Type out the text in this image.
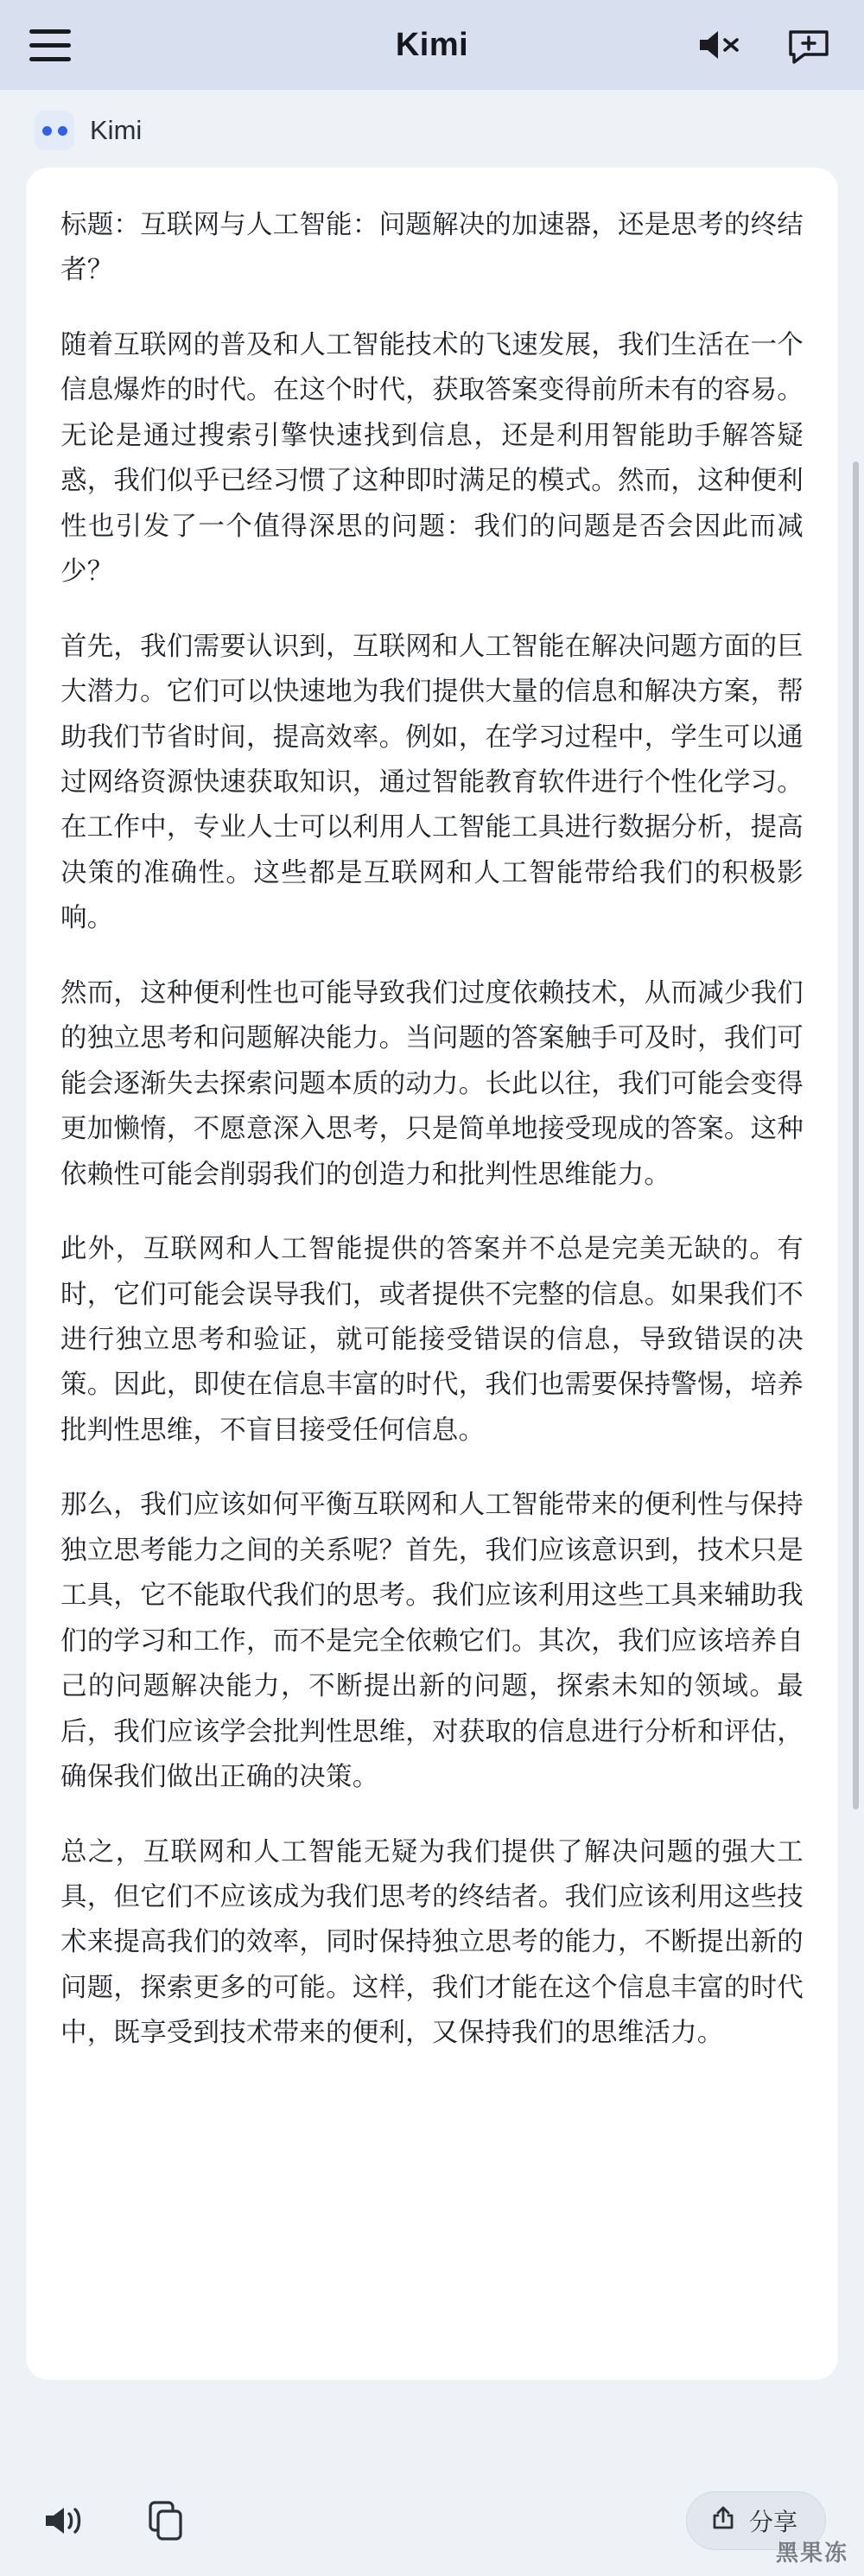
Kimi
Kimi

标题：互联网与人工智能：问题解决的加速器，还是思考的终结者？

随着互联网的普及和人工智能技术的飞速发展，我们生活在一个信息爆炸的时代。在这个时代，获取答案变得前所未有的容易。无论是通过搜索引擎快速找到信息，还是利用智能助手解答疑惑，我们似乎已经习惯了这种即时满足的模式。然而，这种便利性也引发了一个值得深思的问题：我们的问题是否会因此而减少？

首先，我们需要认识到，互联网和人工智能在解决问题方面的巨大潜力。它们可以快速地为我们提供大量的信息和解决方案，帮助我们节省时间，提高效率。例如，在学习过程中，学生可以通过网络资源快速获取知识，通过智能教育软件进行个性化学习。在工作中，专业人士可以利用人工智能工具进行数据分析，提高决策的准确性。这些都是互联网和人工智能带给我们的积极影响。

然而，这种便利性也可能导致我们过度依赖技术，从而减少我们的独立思考和问题解决能力。当问题的答案触手可及时，我们可能会逐渐失去探索问题本质的动力。长此以往，我们可能会变得更加懒惰，不愿意深入思考，只是简单地接受现成的答案。这种依赖性可能会削弱我们的创造力和批判性思维能力。

此外，互联网和人工智能提供的答案并不总是完美无缺的。有时，它们可能会误导我们，或者提供不完整的信息。如果我们不进行独立思考和验证，就可能接受错误的信息，导致错误的决策。因此，即使在信息丰富的时代，我们也需要保持警惕，培养批判性思维，不盲目接受任何信息。

那么，我们应该如何平衡互联网和人工智能带来的便利性与保持独立思考能力之间的关系呢？首先，我们应该意识到，技术只是工具，它不能取代我们的思考。我们应该利用这些工具来辅助我们的学习和工作，而不是完全依赖它们。其次，我们应该培养自己的问题解决能力，不断提出新的问题，探索未知的领域。最后，我们应该学会批判性思维，对获取的信息进行分析和评估，确保我们做出正确的决策。

总之，互联网和人工智能无疑为我们提供了解决问题的强大工具，但它们不应该成为我们思考的终结者。我们应该利用这些技术来提高我们的效率，同时保持独立思考的能力，不断提出新的问题，探索更多的可能。这样，我们才能在这个信息丰富的时代中，既享受到技术带来的便利，又保持我们的思维活力。

分享
黑果冻
